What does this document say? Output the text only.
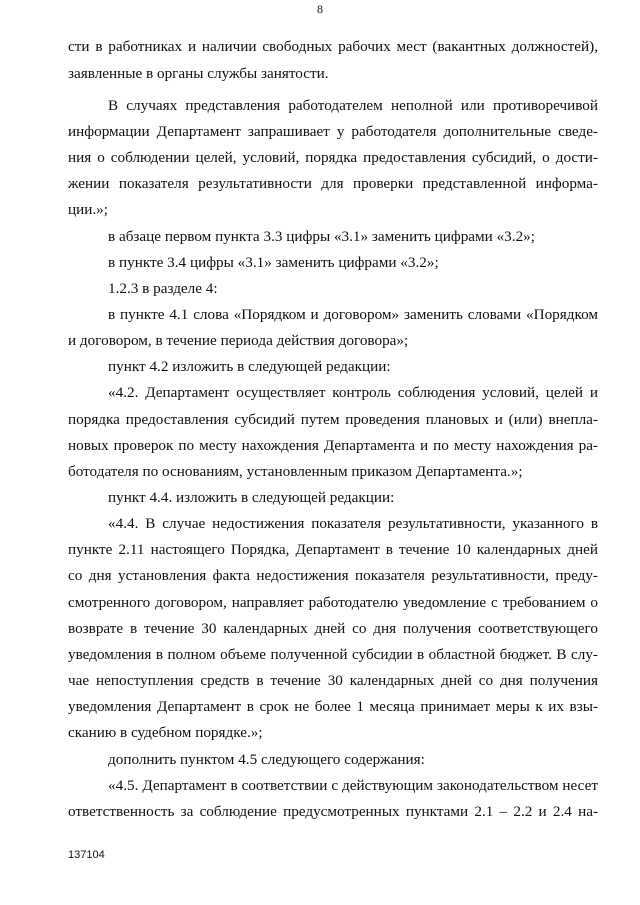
8
сти в работниках и наличии свободных рабочих мест (вакантных должностей),
заявленные в органы службы занятости.
В случаях представления работодателем неполной или противоречивой
информации Департамент запрашивает у работодателя дополнительные сведе-
ния о соблюдении целей, условий, порядка предоставления субсидий, о дости-
жении показателя результативности для проверки представленной информа-
ции.»;
в абзаце первом пункта 3.3 цифры «3.1» заменить цифрами «3.2»;
в пункте 3.4 цифры «3.1» заменить цифрами «3.2»;
1.2.3 в разделе 4:
в пункте 4.1 слова «Порядком и договором» заменить словами «Порядком
и договором, в течение периода действия договора»;
пункт 4.2 изложить в следующей редакции:
«4.2. Департамент осуществляет контроль соблюдения условий, целей и
порядка предоставления субсидий путем проведения плановых и (или) внепла-
новых проверок по месту нахождения Департамента и по месту нахождения ра-
ботодателя по основаниям, установленным приказом Департамента.»;
пункт 4.4. изложить в следующей редакции:
«4.4. В случае недостижения показателя результативности, указанного в
пункте 2.11 настоящего Порядка, Департамент в течение 10 календарных дней
со дня установления факта недостижения показателя результативности, преду-
смотренного договором, направляет работодателю уведомление с требованием о
возврате в течение 30 календарных дней со дня получения соответствующего
уведомления в полном объеме полученной субсидии в областной бюджет. В слу-
чае непоступления средств в течение 30 календарных дней со дня получения
уведомления Департамент в срок не более 1 месяца принимает меры к их взы-
сканию в судебном порядке.»;
дополнить пунктом 4.5 следующего содержания:
«4.5. Департамент в соответствии с действующим законодательством несет
ответственность за соблюдение предусмотренных пунктами 2.1 – 2.2 и 2.4 на-
137104
